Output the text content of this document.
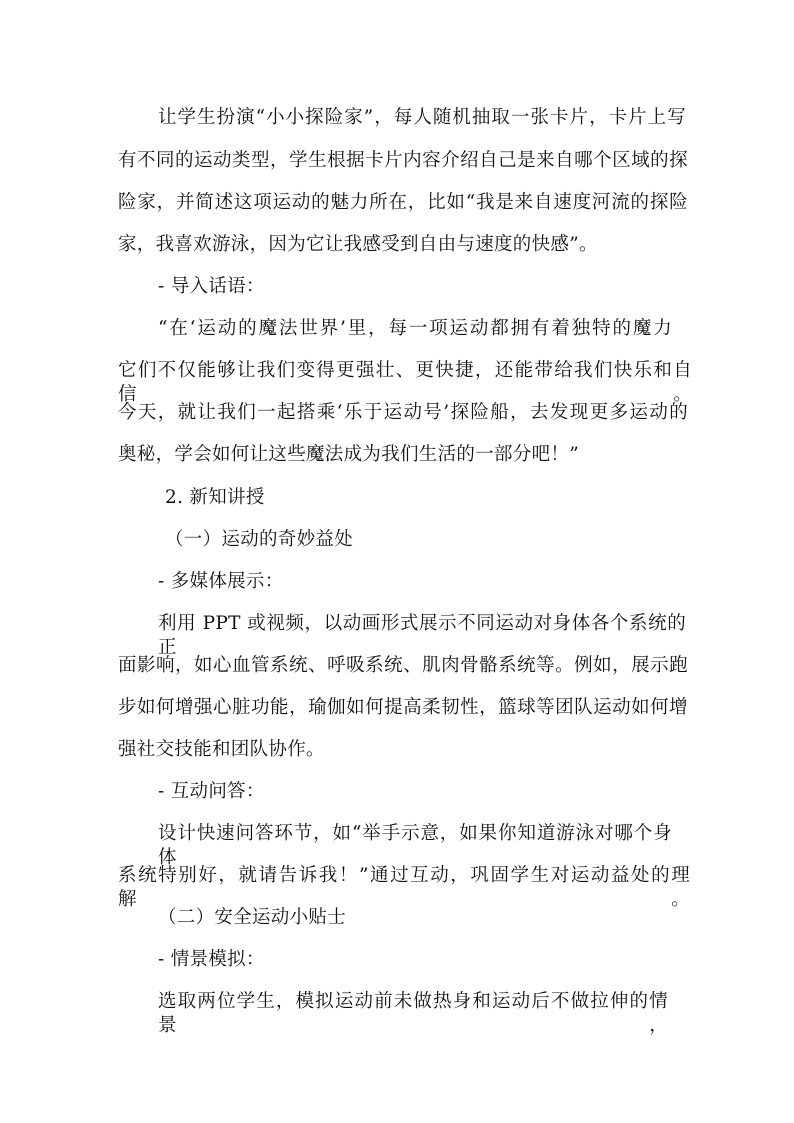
让学生扮演“小小探险家”，每人随机抽取一张卡片，卡片上写
有不同的运动类型，学生根据卡片内容介绍自己是来自哪个区域的探
险家，并简述这项运动的魅力所在，比如“我是来自速度河流的探险
家，我喜欢游泳，因为它让我感受到自由与速度的快感”。
- 导入话语：
“在‘运动的魔法世界’里，每一项运动都拥有着独特的魔力
它们不仅能够让我们变得更强壮、更快捷，还能带给我们快乐和自信。
今天，就让我们一起搭乘‘乐于运动号’探险船，去发现更多运动的
奥秘，学会如何让这些魔法成为我们生活的一部分吧！”
2. 新知讲授
（一）运动的奇妙益处
- 多媒体展示：
利用 PPT 或视频，以动画形式展示不同运动对身体各个系统的正
面影响，如心血管系统、呼吸系统、肌肉骨骼系统等。例如，展示跑
步如何增强心脏功能，瑜伽如何提高柔韧性，篮球等团队运动如何增
强社交技能和团队协作。
- 互动问答：
设计快速问答环节，如“举手示意，如果你知道游泳对哪个身体
系统特别好，就请告诉我！”通过互动，巩固学生对运动益处的理解。
（二）安全运动小贴士
- 情景模拟：
选取两位学生，模拟运动前未做热身和运动后不做拉伸的情景，
